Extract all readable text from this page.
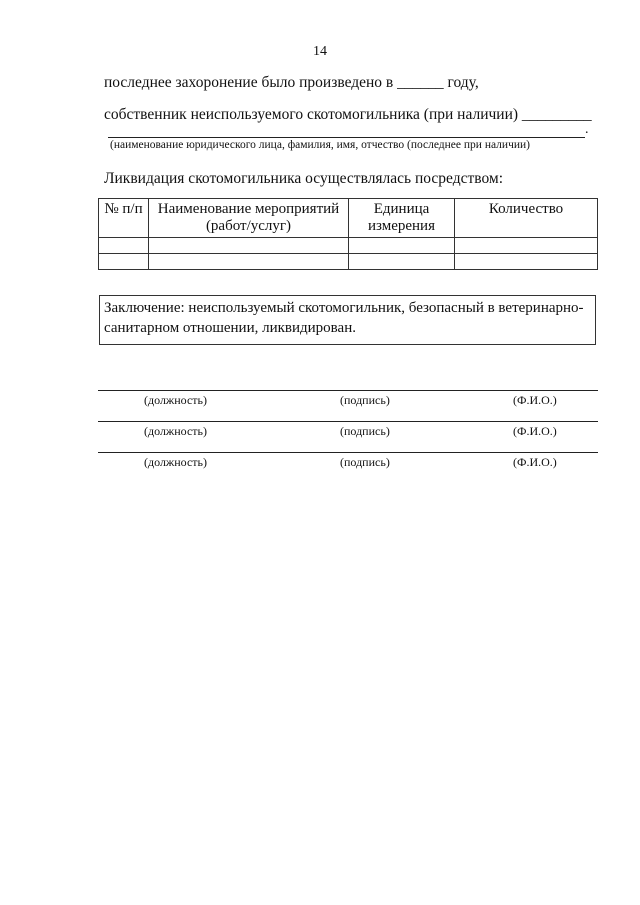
14
последнее захоронение было произведено в ______ году,
собственник неиспользуемого скотомогильника (при наличии) _________
.
(наименование юридического лица, фамилия, имя, отчество (последнее при наличии)
Ликвидация скотомогильника осуществлялась посредством:
№ п/п	Наименование мероприятий (работ/услуг)	Единица измерения	Количество

Заключение: неиспользуемый скотомогильник, безопасный в ветеринарно-санитарном отношении, ликвидирован.
(должность)	(подпись)	(Ф.И.О.)
(должность)	(подпись)	(Ф.И.О.)
(должность)	(подпись)	(Ф.И.О.)
